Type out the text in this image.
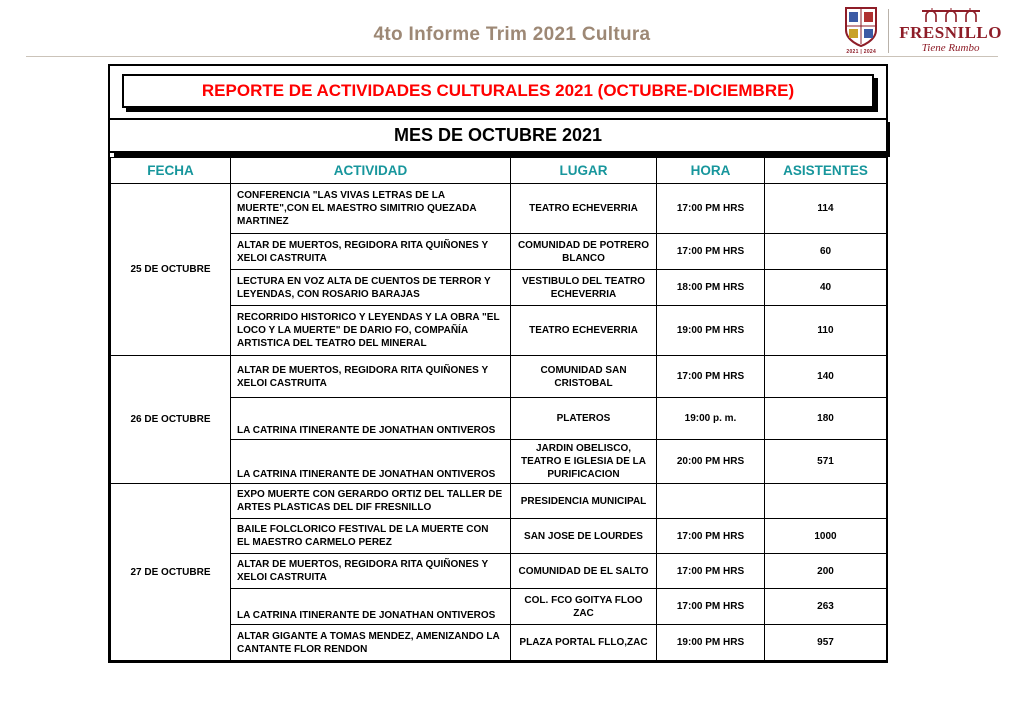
4to Informe Trim 2021 Cultura
2021 | 2024
FRESNILLO
Tiene Rumbo
REPORTE DE ACTIVIDADES CULTURALES 2021 (OCTUBRE-DICIEMBRE)
MES DE OCTUBRE 2021
FECHA	ACTIVIDAD	LUGAR	HORA	ASISTENTES
25 DE OCTUBRE	CONFERENCIA "LAS VIVAS LETRAS DE LA MUERTE",CON EL MAESTRO SIMITRIO QUEZADA MARTINEZ	TEATRO ECHEVERRIA	17:00 PM HRS	114
	ALTAR DE MUERTOS, REGIDORA RITA QUIÑONES Y XELOI CASTRUITA	COMUNIDAD DE POTRERO BLANCO	17:00 PM HRS	60
	LECTURA EN VOZ ALTA DE CUENTOS DE TERROR Y LEYENDAS, CON ROSARIO BARAJAS	VESTIBULO DEL TEATRO ECHEVERRIA	18:00 PM HRS	40
	RECORRIDO HISTORICO Y LEYENDAS Y LA OBRA "EL LOCO Y LA MUERTE" DE DARIO FO, COMPAÑÍA ARTISTICA DEL TEATRO DEL MINERAL	TEATRO ECHEVERRIA	19:00 PM HRS	110
26 DE OCTUBRE	ALTAR DE MUERTOS, REGIDORA RITA QUIÑONES Y XELOI CASTRUITA	COMUNIDAD SAN CRISTOBAL	17:00 PM HRS	140
	LA CATRINA ITINERANTE DE JONATHAN ONTIVEROS	PLATEROS	19:00 p. m.	180
	LA CATRINA ITINERANTE DE JONATHAN ONTIVEROS	JARDIN OBELISCO, TEATRO E IGLESIA DE LA PURIFICACION	20:00 PM HRS	571
27 DE OCTUBRE	EXPO MUERTE CON GERARDO ORTIZ DEL TALLER DE ARTES PLASTICAS DEL DIF FRESNILLO	PRESIDENCIA MUNICIPAL		
	BAILE FOLCLORICO FESTIVAL DE LA MUERTE CON EL MAESTRO CARMELO PEREZ	SAN JOSE DE LOURDES	17:00 PM HRS	1000
	ALTAR DE MUERTOS, REGIDORA RITA QUIÑONES Y XELOI CASTRUITA	COMUNIDAD DE EL SALTO	17:00 PM HRS	200
	LA CATRINA ITINERANTE DE JONATHAN ONTIVEROS	COL. FCO GOITYA FLOO ZAC	17:00 PM HRS	263
	ALTAR GIGANTE A TOMAS MENDEZ, AMENIZANDO LA CANTANTE FLOR RENDON	PLAZA PORTAL FLLO,ZAC	19:00 PM HRS	957
